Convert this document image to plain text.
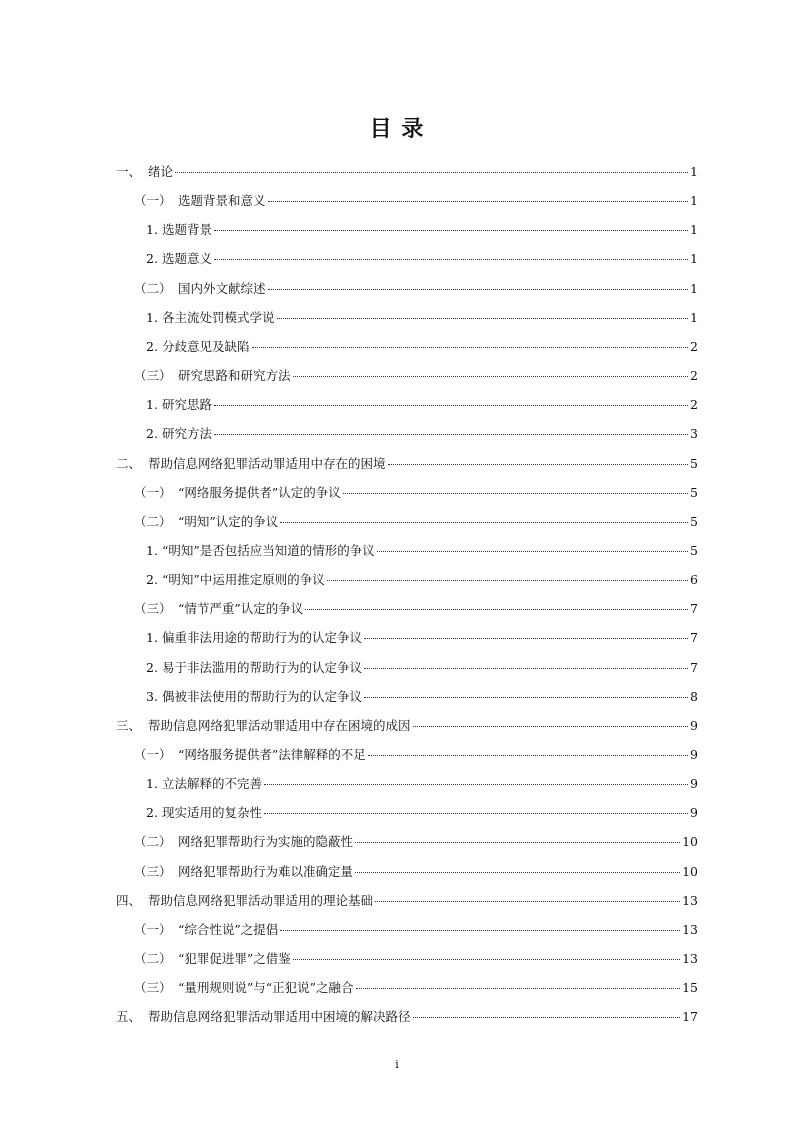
目 录
一、 绪论	1
（一） 选题背景和意义	1
1. 选题背景	1
2. 选题意义	1
（二） 国内外文献综述	1
1. 各主流处罚模式学说	1
2. 分歧意见及缺陷	2
（三） 研究思路和研究方法	2
1. 研究思路	2
2. 研究方法	3
二、 帮助信息网络犯罪活动罪适用中存在的困境	5
（一） “网络服务提供者”认定的争议	5
（二） “明知”认定的争议	5
1. “明知”是否包括应当知道的情形的争议	5
2. “明知”中运用推定原则的争议	6
（三） “情节严重”认定的争议	7
1. 偏重非法用途的帮助行为的认定争议	7
2. 易于非法滥用的帮助行为的认定争议	7
3. 偶被非法使用的帮助行为的认定争议	8
三、 帮助信息网络犯罪活动罪适用中存在困境的成因	9
（一） “网络服务提供者”法律解释的不足	9
1. 立法解释的不完善	9
2. 现实适用的复杂性	9
（二） 网络犯罪帮助行为实施的隐蔽性	10
（三） 网络犯罪帮助行为难以准确定量	10
四、 帮助信息网络犯罪活动罪适用的理论基础	13
（一） “综合性说”之提倡	13
（二） “犯罪促进罪”之借鉴	13
（三） “量刑规则说”与“正犯说”之融合	15
五、 帮助信息网络犯罪活动罪适用中困境的解决路径	17
i
